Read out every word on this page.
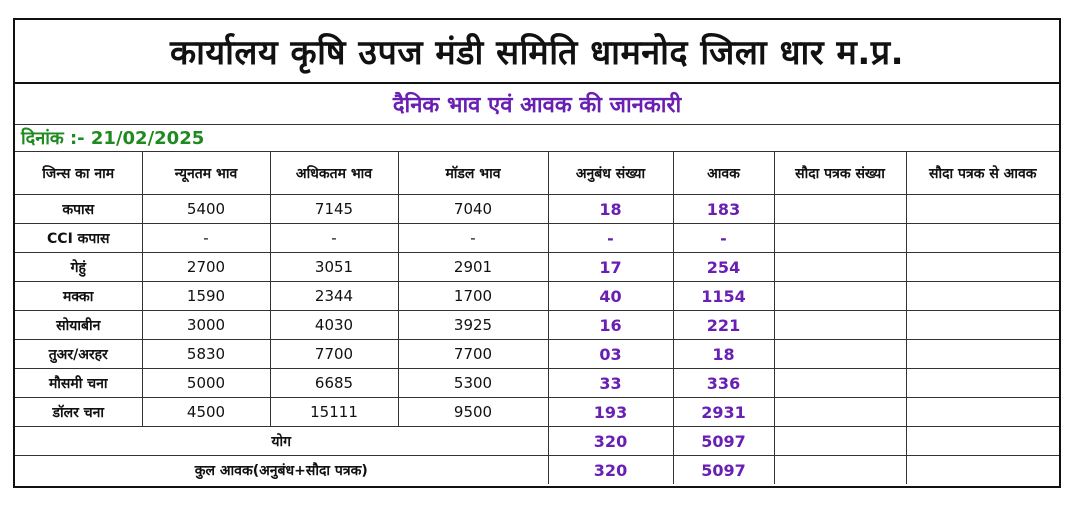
कार्यालय कृषि उपज मंडी समिति धामनोद जिला धार म.प्र.
दैनिक भाव एवं आवक की जानकारी
दिनांक :- 21/02/2025
जिन्स का नाम	न्यूनतम भाव	अधिकतम भाव	मॉडल भाव	अनुबंध संख्या	आवक	सौदा पत्रक संख्या	सौदा पत्रक से आवक
कपास	5400	7145	7040	18	183		
CCI कपास	-	-	-	-	-		
गेहुं	2700	3051	2901	17	254		
मक्का	1590	2344	1700	40	1154		
सोयाबीन	3000	4030	3925	16	221		
तुअर/अरहर	5830	7700	7700	03	18		
मौसमी चना	5000	6685	5300	33	336		
डॉलर चना	4500	15111	9500	193	2931		
योग				320	5097		
कुल आवक(अनुबंध+सौदा पत्रक)				320	5097		
